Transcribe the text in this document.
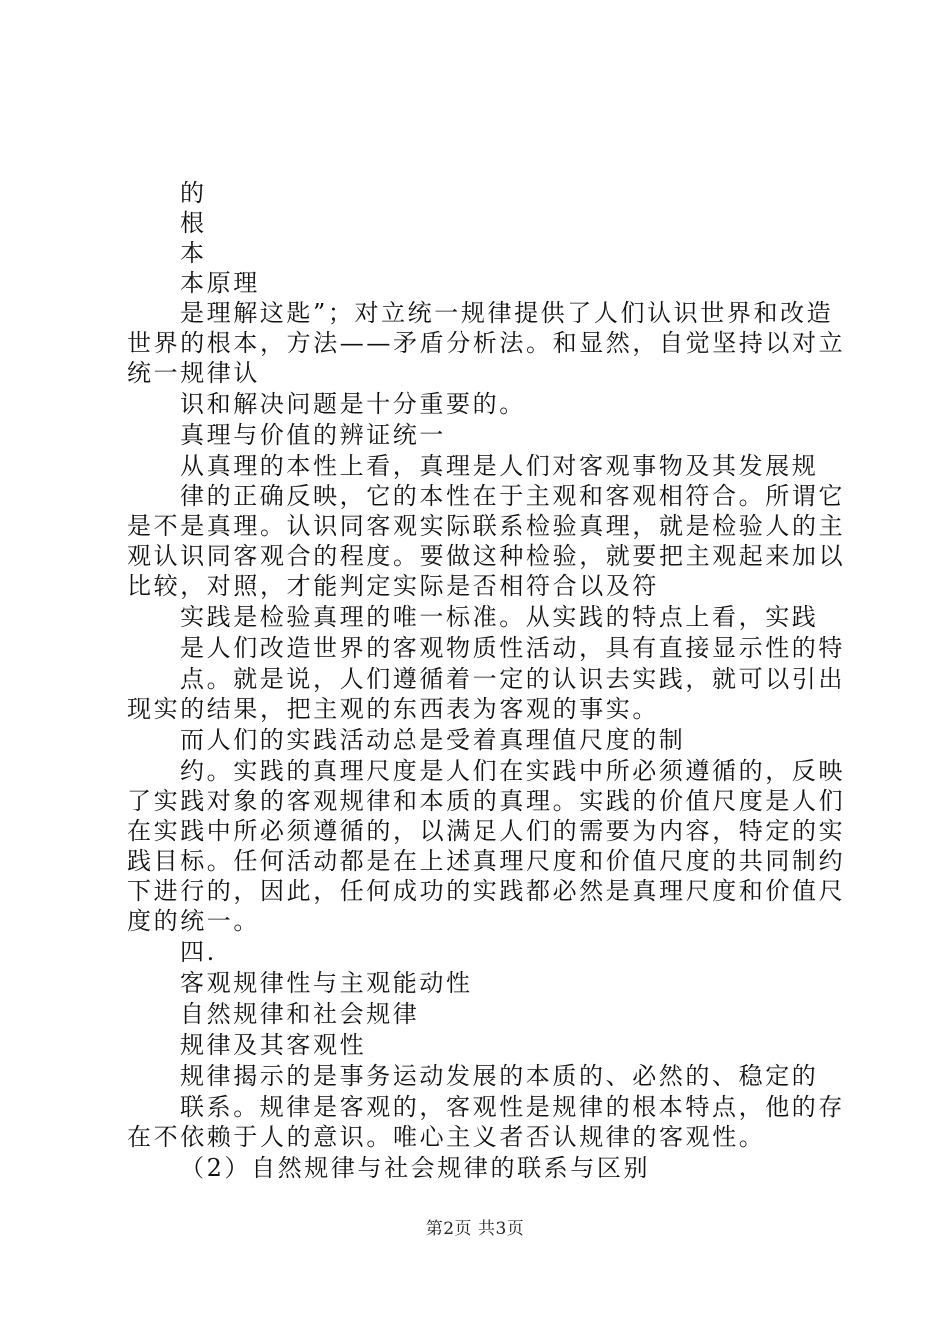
的
根
本
本原理
是理解这匙”；对立统一规律提供了人们认识世界和改造
世界的根本，方法——矛盾分析法。和显然，自觉坚持以对立
统一规律认
识和解决问题是十分重要的。
真理与价值的辨证统一
从真理的本性上看，真理是人们对客观事物及其发展规
律的正确反映，它的本性在于主观和客观相符合。所谓它
是不是真理。认识同客观实际联系检验真理，就是检验人的主
观认识同客观合的程度。要做这种检验，就要把主观起来加以
比较，对照，才能判定实际是否相符合以及符
实践是检验真理的唯一标准。从实践的特点上看，实践
是人们改造世界的客观物质性活动，具有直接显示性的特
点。就是说，人们遵循着一定的认识去实践，就可以引出
现实的结果，把主观的东西表为客观的事实。
而人们的实践活动总是受着真理值尺度的制
约。实践的真理尺度是人们在实践中所必须遵循的，反映
了实践对象的客观规律和本质的真理。实践的价值尺度是人们
在实践中所必须遵循的，以满足人们的需要为内容，特定的实
践目标。任何活动都是在上述真理尺度和价值尺度的共同制约
下进行的，因此，任何成功的实践都必然是真理尺度和价值尺
度的统一。
四.
客观规律性与主观能动性
自然规律和社会规律
规律及其客观性
规律揭示的是事务运动发展的本质的、必然的、稳定的
联系。规律是客观的，客观性是规律的根本特点，他的存
在不依赖于人的意识。唯心主义者否认规律的客观性。
（2）自然规律与社会规律的联系与区别
第2页 共3页
